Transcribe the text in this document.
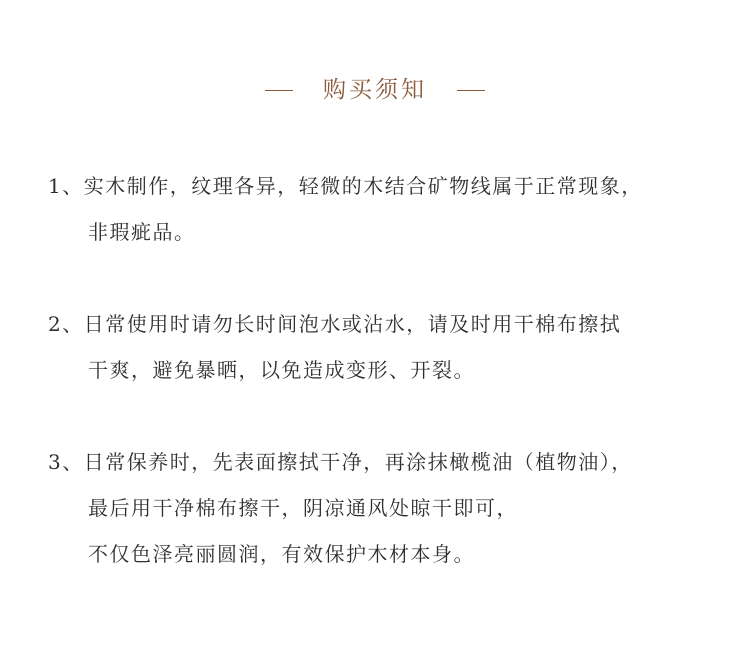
购买须知
1、实木制作，纹理各异，轻微的木结合矿物线属于正常现象，
非瑕疵品。
2、日常使用时请勿长时间泡水或沾水，请及时用干棉布擦拭
干爽，避免暴晒，以免造成变形、开裂。
3、日常保养时，先表面擦拭干净，再涂抹橄榄油（植物油），
最后用干净棉布擦干，阴凉通风处晾干即可，
不仅色泽亮丽圆润，有效保护木材本身。
